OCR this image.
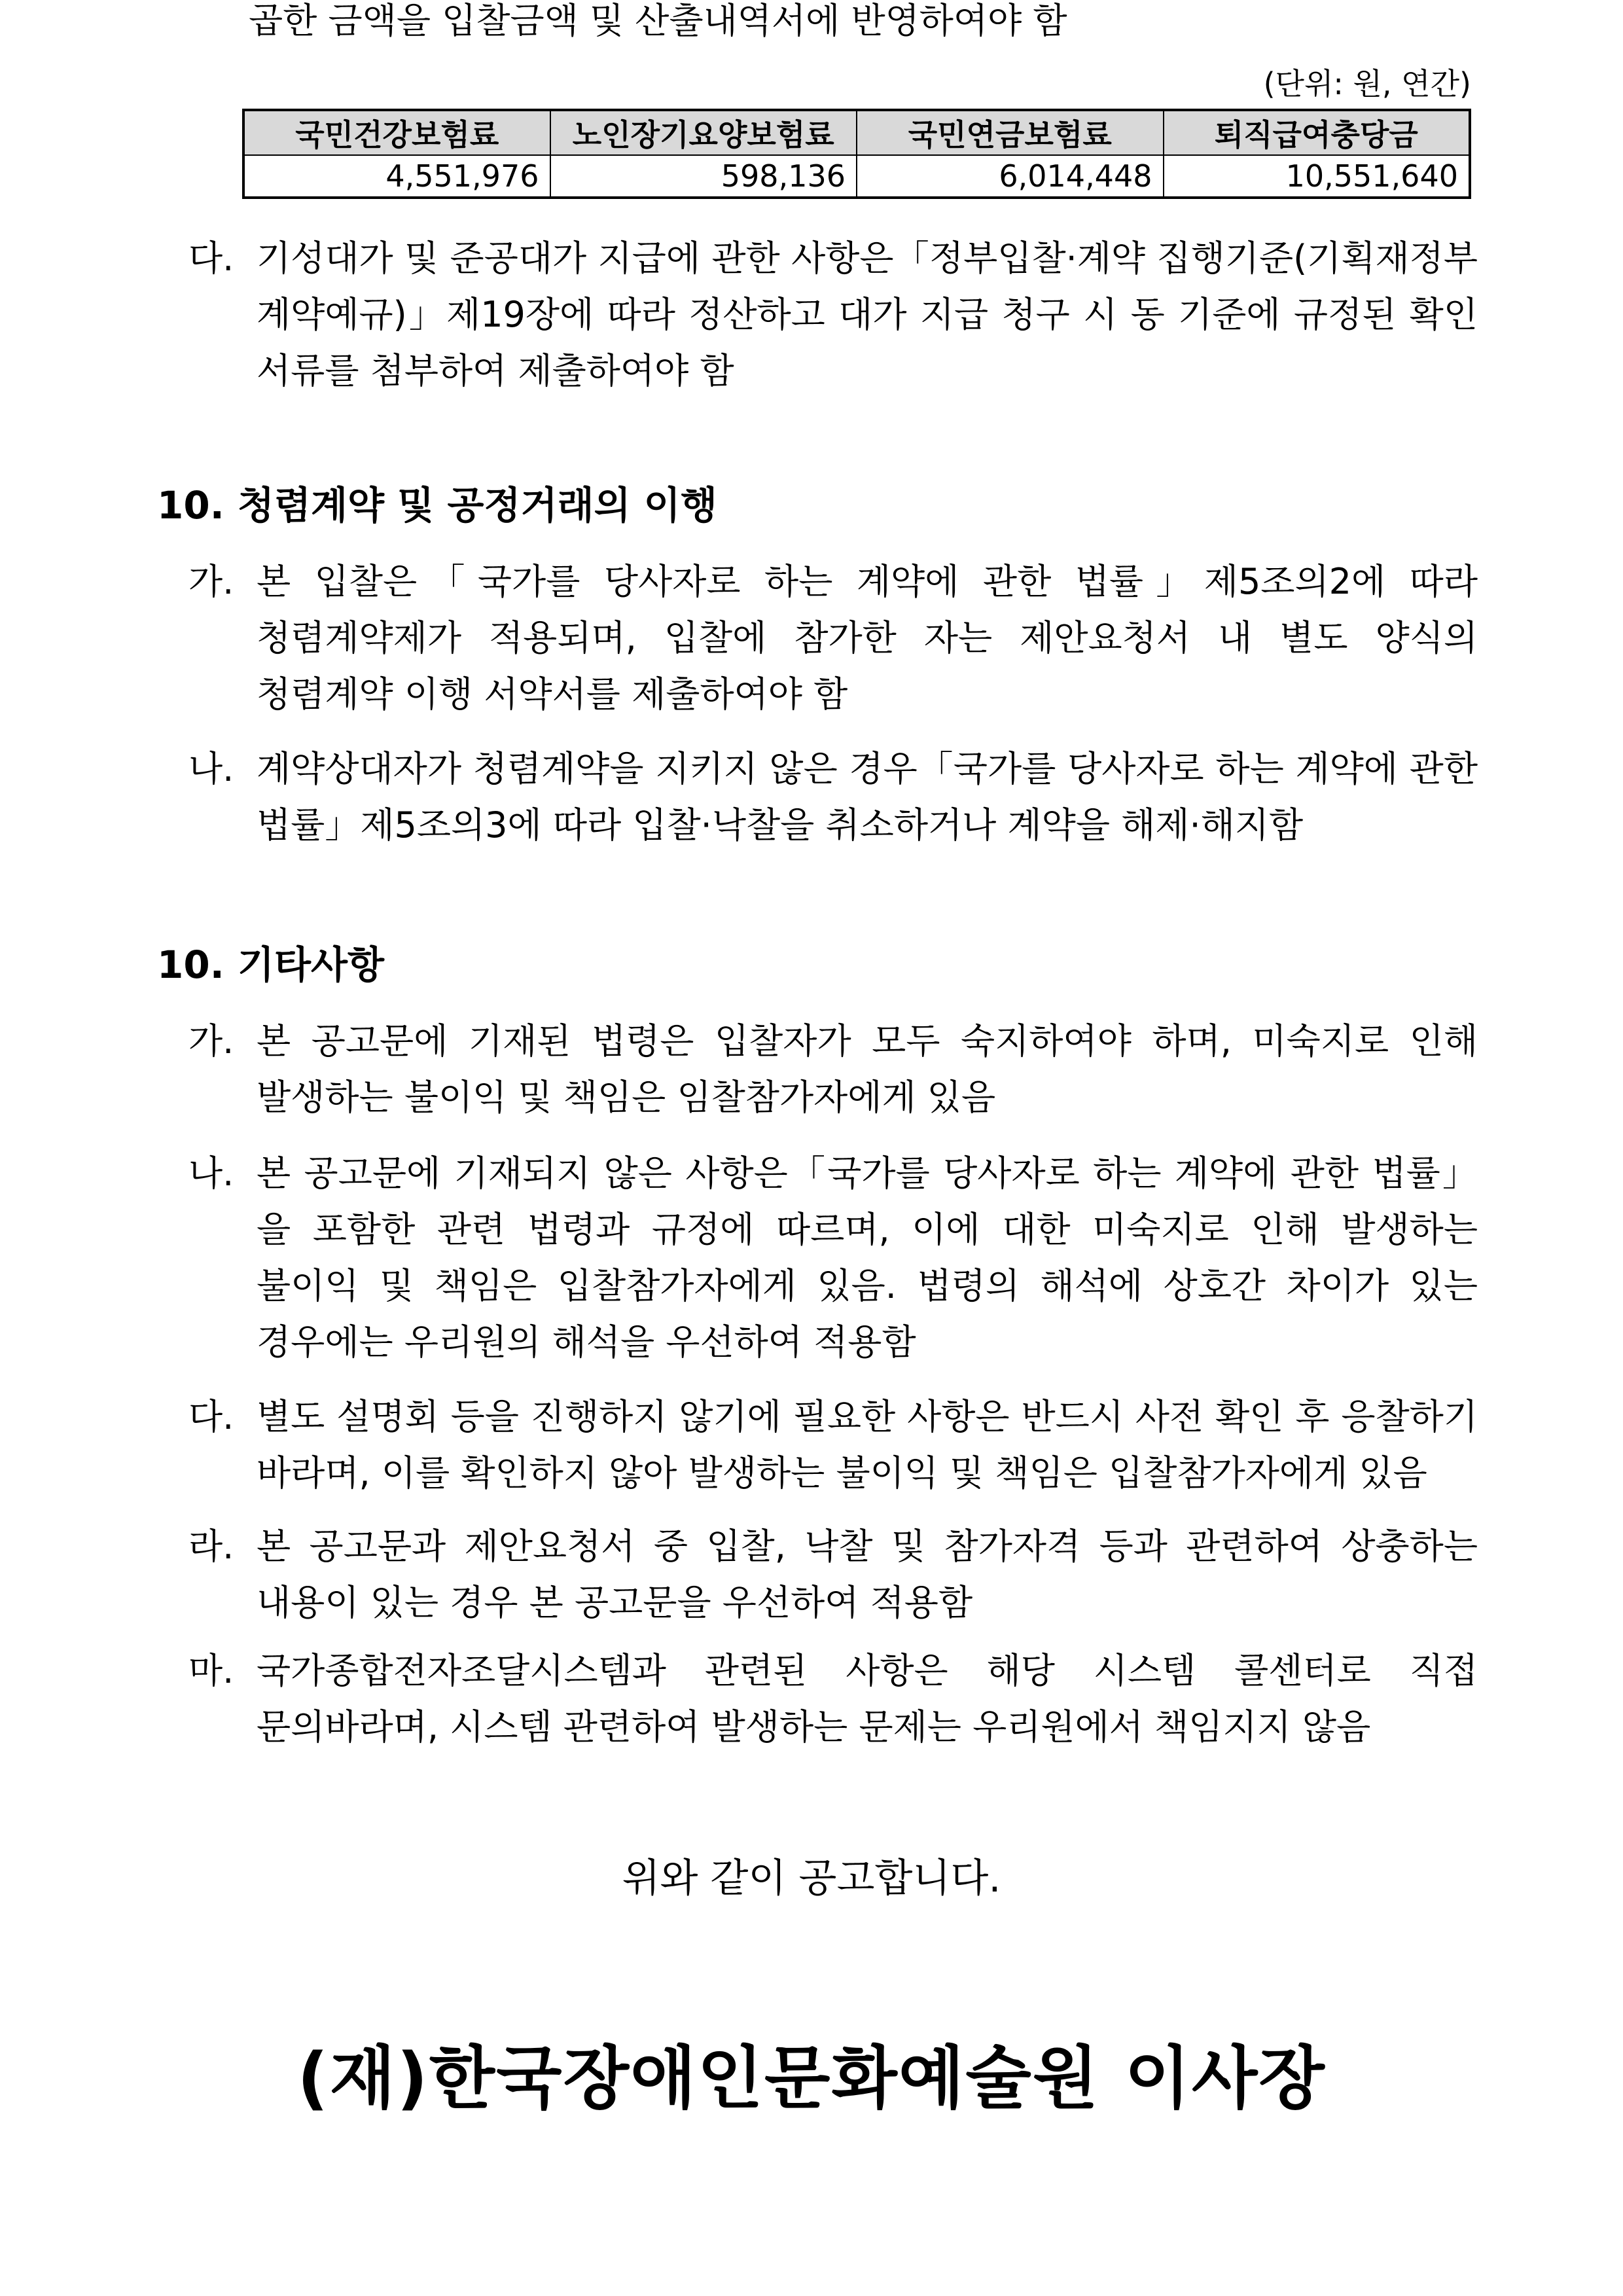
곱한 금액을 입찰금액 및 산출내역서에 반영하여야 함
(단위: 원, 연간)
국민건강보험료	노인장기요양보험료	국민연금보험료	퇴직급여충당금
4,551,976	598,136	6,014,448	10,551,640
다. 기성대가 및 준공대가 지급에 관한 사항은「정부입찰·계약 집행기준(기획재정부 계약예규)」제19장에 따라 정산하고 대가 지급 청구 시 동 기준에 규정된 확인 서류를 첨부하여 제출하여야 함
10. 청렴계약 및 공정거래의 이행
가. 본 입찰은「국가를 당사자로 하는 계약에 관한 법률」제5조의2에 따라 청렴계약제가 적용되며, 입찰에 참가한 자는 제안요청서 내 별도 양식의 청렴계약 이행 서약서를 제출하여야 함
나. 계약상대자가 청렴계약을 지키지 않은 경우「국가를 당사자로 하는 계약에 관한 법률」제5조의3에 따라 입찰·낙찰을 취소하거나 계약을 해제·해지함
10. 기타사항
가. 본 공고문에 기재된 법령은 입찰자가 모두 숙지하여야 하며, 미숙지로 인해 발생하는 불이익 및 책임은 임찰참가자에게 있음
나. 본 공고문에 기재되지 않은 사항은「국가를 당사자로 하는 계약에 관한 법률」을 포함한 관련 법령과 규정에 따르며, 이에 대한 미숙지로 인해 발생하는 불이익 및 책임은 입찰참가자에게 있음. 법령의 해석에 상호간 차이가 있는 경우에는 우리원의 해석을 우선하여 적용함
다. 별도 설명회 등을 진행하지 않기에 필요한 사항은 반드시 사전 확인 후 응찰하기 바라며, 이를 확인하지 않아 발생하는 불이익 및 책임은 입찰참가자에게 있음
라. 본 공고문과 제안요청서 중 입찰, 낙찰 및 참가자격 등과 관련하여 상충하는 내용이 있는 경우 본 공고문을 우선하여 적용함
마. 국가종합전자조달시스템과 관련된 사항은 해당 시스템 콜센터로 직접 문의바라며, 시스템 관련하여 발생하는 문제는 우리원에서 책임지지 않음
위와 같이 공고합니다.
(재)한국장애인문화예술원 이사장
